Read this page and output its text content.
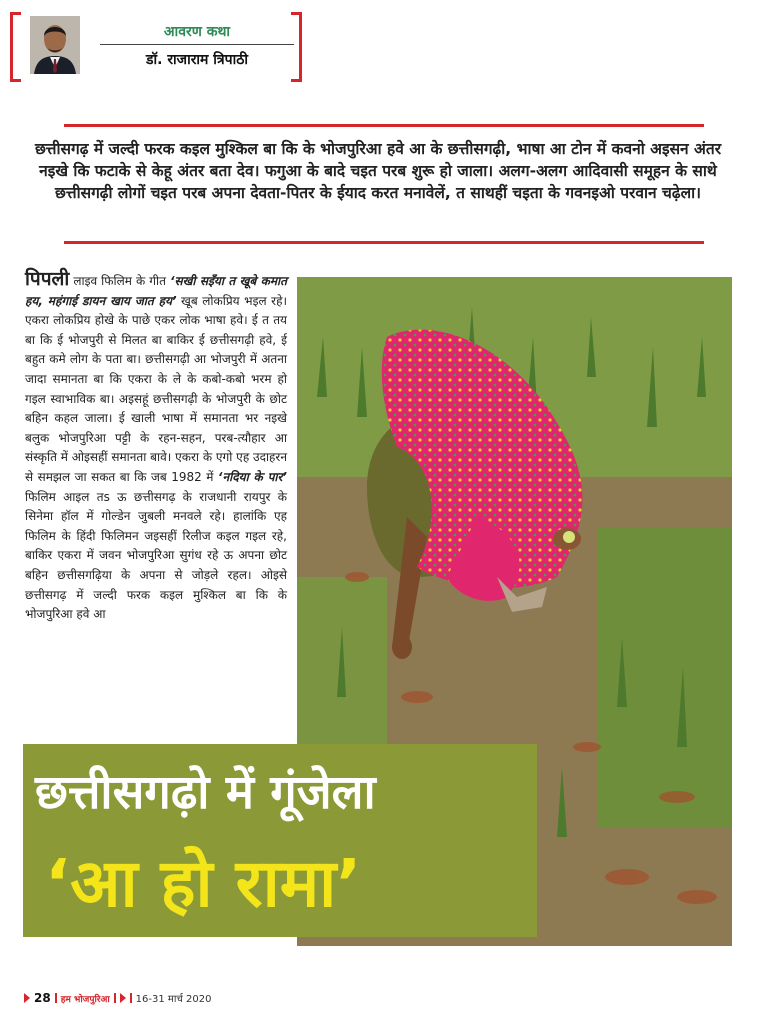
आवरण कथा
डॉ. राजाराम त्रिपाठी

छत्तीसगढ़ में जल्दी फरक कइल मुश्किल बा कि के भोजपुरिआ हवे आ के छत्तीसगढ़ी, भाषा आ टोन में कवनो अइसन अंतर नइखे कि फटाके से केहू अंतर बता देव। फगुआ के बादे चइत परब शुरू हो जाला। अलग-अलग आदिवासी समूहन के साथे छत्तीसगढ़ी लोगों चइत परब अपना देवता-पितर के ईयाद करत मनावेलें, त साथहीं चइता के गवनइओ परवान चढ़ेला।

पिपली लाइव फिलिम के गीत ‘सखी सइँया त खूबे कमात हय, महंगाई डायन खाय जात हय’ खूब लोकप्रिय भइल रहे। एकरा लोकप्रिय होखे के पाछे एकर लोक भाषा हवे। ई त तय बा कि ई भोजपुरी से मिलत बा बाकिर ई छत्तीसगढ़ी हवे, ई बहुत कमे लोग के पता बा। छत्तीसगढ़ी आ भोजपुरी में अतना जादा समानता बा कि एकरा के ले के कबो-कबो भरम हो गइल स्वाभाविक बा। अइसहूं छत्तीसगढ़ी के भोजपुरी के छोट बहिन कहल जाला। ई खाली भाषा में समानता भर नइखे बलुक भोजपुरिआ पट्टी के रहन-सहन, परब-त्यौहार आ संस्कृति में ओइसहीं समानता बावे। एकरा के एगो एह उदाहरन से समझल जा सकत बा कि जब 1982 में ‘नदिया के पार’ फिलिम आइल तs ऊ छत्तीसगढ़ के राजधानी रायपुर के सिनेमा हॉल में गोल्डेन जुबली मनवले रहे। हालांकि एह फिलिम के हिंदी फिलिमन जइसहीं रिलीज कइल गइल रहे, बाकिर एकरा में जवन भोजपुरिआ सुगंध रहे ऊ अपना छोट बहिन छत्तीसगढ़िया के अपना से जोड़ले रहल। ओइसे छत्तीसगढ़ में जल्दी फरक कइल मुश्किल बा कि के भोजपुरिआ हवे आ

छत्तीसगढ़ो में गूंजेला
‘आ हो रामा’
28 हम भोजपुरिआ	16-31 मार्च 2020
